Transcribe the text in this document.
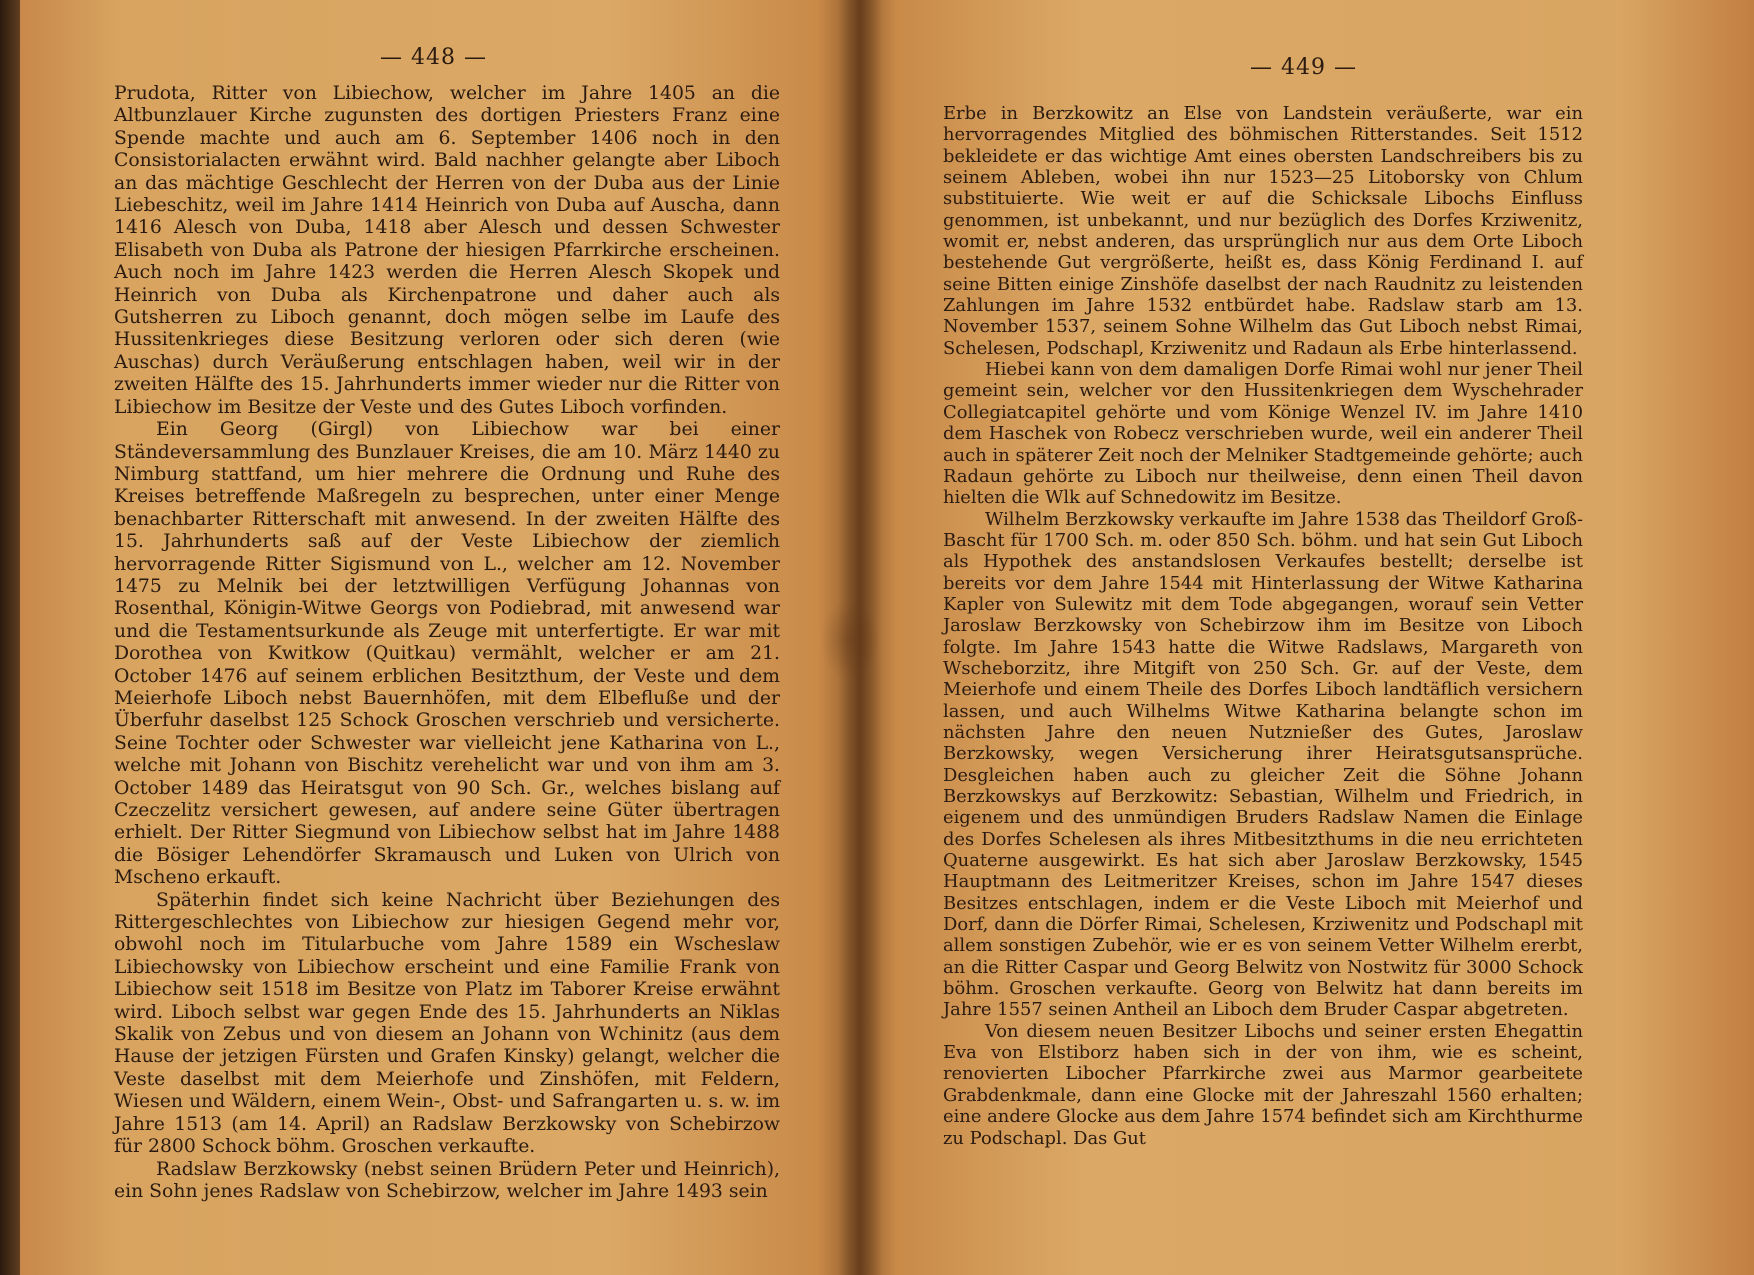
— 448 —

Prudota, Ritter von Libiechow, welcher im Jahre 1405 an die Altbunzlauer Kirche zugunsten des dortigen Priesters Franz eine Spende machte und auch am 6. September 1406 noch in den Consistorialacten erwähnt wird. Bald nachher gelangte aber Liboch an das mächtige Geschlecht der Herren von der Duba aus der Linie Liebeschitz, weil im Jahre 1414 Heinrich von Duba auf Auscha, dann 1416 Alesch von Duba, 1418 aber Alesch und dessen Schwester Elisabeth von Duba als Patrone der hiesigen Pfarrkirche erscheinen. Auch noch im Jahre 1423 werden die Herren Alesch Skopek und Heinrich von Duba als Kirchenpatrone und daher auch als Gutsherren zu Liboch genannt, doch mögen selbe im Laufe des Hussitenkrieges diese Besitzung verloren oder sich deren (wie Auschas) durch Veräußerung entschlagen haben, weil wir in der zweiten Hälfte des 15. Jahrhunderts immer wieder nur die Ritter von Libiechow im Besitze der Veste und des Gutes Liboch vorfinden.

Ein Georg (Girgl) von Libiechow war bei einer Ständeversammlung des Bunzlauer Kreises, die am 10. März 1440 zu Nimburg stattfand, um hier mehrere die Ordnung und Ruhe des Kreises betreffende Maßregeln zu besprechen, unter einer Menge benachbarter Ritterschaft mit anwesend. In der zweiten Hälfte des 15. Jahrhunderts saß auf der Veste Libiechow der ziemlich hervorragende Ritter Sigismund von L., welcher am 12. November 1475 zu Melnik bei der letztwilligen Verfügung Johannas von Rosenthal, Königin-Witwe Georgs von Podiebrad, mit anwesend war und die Testamentsurkunde als Zeuge mit unterfertigte. Er war mit Dorothea von Kwitkow (Quitkau) vermählt, welcher er am 21. October 1476 auf seinem erblichen Besitzthum, der Veste und dem Meierhofe Liboch nebst Bauernhöfen, mit dem Elbefluße und der Überfuhr daselbst 125 Schock Groschen verschrieb und versicherte. Seine Tochter oder Schwester war vielleicht jene Katharina von L., welche mit Johann von Bischitz verehelicht war und von ihm am 3. October 1489 das Heiratsgut von 90 Sch. Gr., welches bislang auf Czeczelitz versichert gewesen, auf andere seine Güter übertragen erhielt. Der Ritter Siegmund von Libiechow selbst hat im Jahre 1488 die Bösiger Lehendörfer Skramausch und Luken von Ulrich von Mscheno erkauft.

Späterhin findet sich keine Nachricht über Beziehungen des Rittergeschlechtes von Libiechow zur hiesigen Gegend mehr vor, obwohl noch im Titularbuche vom Jahre 1589 ein Wscheslaw Libiechowsky von Libiechow erscheint und eine Familie Frank von Libiechow seit 1518 im Besitze von Platz im Taborer Kreise erwähnt wird. Liboch selbst war gegen Ende des 15. Jahrhunderts an Niklas Skalik von Zebus und von diesem an Johann von Wchinitz (aus dem Hause der jetzigen Fürsten und Grafen Kinsky) gelangt, welcher die Veste daselbst mit dem Meierhofe und Zinshöfen, mit Feldern, Wiesen und Wäldern, einem Wein-, Obst- und Safrangarten u. s. w. im Jahre 1513 (am 14. April) an Radslaw Berzkowsky von Schebirzow für 2800 Schock böhm. Groschen verkaufte.

Radslaw Berzkowsky (nebst seinen Brüdern Peter und Heinrich), ein Sohn jenes Radslaw von Schebirzow, welcher im Jahre 1493 sein

— 449 —

Erbe in Berzkowitz an Else von Landstein veräußerte, war ein hervorragendes Mitglied des böhmischen Ritterstandes. Seit 1512 bekleidete er das wichtige Amt eines obersten Landschreibers bis zu seinem Ableben, wobei ihn nur 1523—25 Litoborsky von Chlum substituierte. Wie weit er auf die Schicksale Libochs Einfluss genommen, ist unbekannt, und nur bezüglich des Dorfes Krziwenitz, womit er, nebst anderen, das ursprünglich nur aus dem Orte Liboch bestehende Gut vergrößerte, heißt es, dass König Ferdinand I. auf seine Bitten einige Zinshöfe daselbst der nach Raudnitz zu leistenden Zahlungen im Jahre 1532 entbürdet habe. Radslaw starb am 13. November 1537, seinem Sohne Wilhelm das Gut Liboch nebst Rimai, Schelesen, Podschapl, Krziwenitz und Radaun als Erbe hinterlassend.

Hiebei kann von dem damaligen Dorfe Rimai wohl nur jener Theil gemeint sein, welcher vor den Hussitenkriegen dem Wyschehrader Collegiatcapitel gehörte und vom Könige Wenzel IV. im Jahre 1410 dem Haschek von Robecz verschrieben wurde, weil ein anderer Theil auch in späterer Zeit noch der Melniker Stadtgemeinde gehörte; auch Radaun gehörte zu Liboch nur theilweise, denn einen Theil davon hielten die Wlk auf Schnedowitz im Besitze.

Wilhelm Berzkowsky verkaufte im Jahre 1538 das Theildorf Groß-Bascht für 1700 Sch. m. oder 850 Sch. böhm. und hat sein Gut Liboch als Hypothek des anstandslosen Verkaufes bestellt; derselbe ist bereits vor dem Jahre 1544 mit Hinterlassung der Witwe Katharina Kapler von Sulewitz mit dem Tode abgegangen, worauf sein Vetter Jaroslaw Berzkowsky von Schebirzow ihm im Besitze von Liboch folgte. Im Jahre 1543 hatte die Witwe Radslaws, Margareth von Wscheborzitz, ihre Mitgift von 250 Sch. Gr. auf der Veste, dem Meierhofe und einem Theile des Dorfes Liboch landtäflich versichern lassen, und auch Wilhelms Witwe Katharina belangte schon im nächsten Jahre den neuen Nutznießer des Gutes, Jaroslaw Berzkowsky, wegen Versicherung ihrer Heiratsgutsansprüche. Desgleichen haben auch zu gleicher Zeit die Söhne Johann Berzkowskys auf Berzkowitz: Sebastian, Wilhelm und Friedrich, in eigenem und des unmündigen Bruders Radslaw Namen die Einlage des Dorfes Schelesen als ihres Mitbesitzthums in die neu errichteten Quaterne ausgewirkt. Es hat sich aber Jaroslaw Berzkowsky, 1545 Hauptmann des Leitmeritzer Kreises, schon im Jahre 1547 dieses Besitzes entschlagen, indem er die Veste Liboch mit Meierhof und Dorf, dann die Dörfer Rimai, Schelesen, Krziwenitz und Podschapl mit allem sonstigen Zubehör, wie er es von seinem Vetter Wilhelm ererbt, an die Ritter Caspar und Georg Belwitz von Nostwitz für 3000 Schock böhm. Groschen verkaufte. Georg von Belwitz hat dann bereits im Jahre 1557 seinen Antheil an Liboch dem Bruder Caspar abgetreten.

Von diesem neuen Besitzer Libochs und seiner ersten Ehegattin Eva von Elstiborz haben sich in der von ihm, wie es scheint, renovierten Libocher Pfarrkirche zwei aus Marmor gearbeitete Grabdenkmale, dann eine Glocke mit der Jahreszahl 1560 erhalten; eine andere Glocke aus dem Jahre 1574 befindet sich am Kirchthurme zu Podschapl. Das Gut
